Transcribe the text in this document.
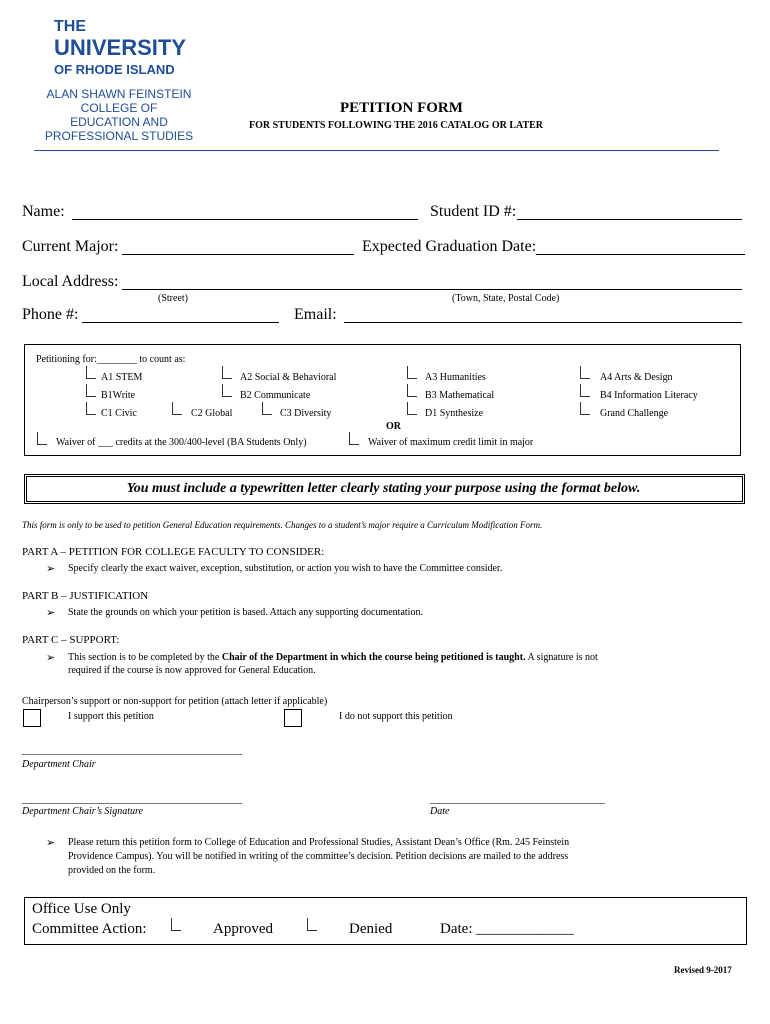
THE
UNIVERSITY
OF RHODE ISLAND
ALAN SHAWN FEINSTEIN
COLLEGE OF
EDUCATION AND
PROFESSIONAL STUDIES
PETITION FORM
FOR STUDENTS FOLLOWING THE 2016 CATALOG OR LATER
Name:	Student ID #:
Current Major:	Expected Graduation Date:
Local Address:
(Street)	(Town, State, Postal Code)
Phone #:	Email:
Petitioning for:________ to count as:
A1 STEM	A2 Social & Behavioral	A3 Humanities	A4 Arts & Design
B1Write	B2 Communicate	B3 Mathematical	B4 Information Literacy
C1 Civic	C2 Global	C3 Diversity	D1 Synthesize	Grand Challenge
OR
Waiver of ___ credits at the 300/400-level (BA Students Only)	Waiver of maximum credit limit in major
You must include a typewritten letter clearly stating your purpose using the format below.
This form is only to be used to petition General Education requirements. Changes to a student’s major require a Curriculum Modification Form.
PART A – PETITION FOR COLLEGE FACULTY TO CONSIDER:
➢ Specify clearly the exact waiver, exception, substitution, or action you wish to have the Committee consider.
PART B – JUSTIFICATION
➢ State the grounds on which your petition is based. Attach any supporting documentation.
PART C – SUPPORT:
➢ This section is to be completed by the Chair of the Department in which the course being petitioned is taught. A signature is not
required if the course is now approved for General Education.
Chairperson’s support or non-support for petition (attach letter if applicable)
I support this petition	I do not support this petition
____________________________________________
Department Chair
____________________________________________
Department Chair’s Signature
___________________________________
Date
➢ Please return this petition form to College of Education and Professional Studies, Assistant Dean’s Office (Rm. 245 Feinstein
Providence Campus). You will be notified in writing of the committee’s decision. Petition decisions are mailed to the address
provided on the form.
Office Use Only
Committee Action:	Approved	Denied	Date: _____________
Revised 9-2017
